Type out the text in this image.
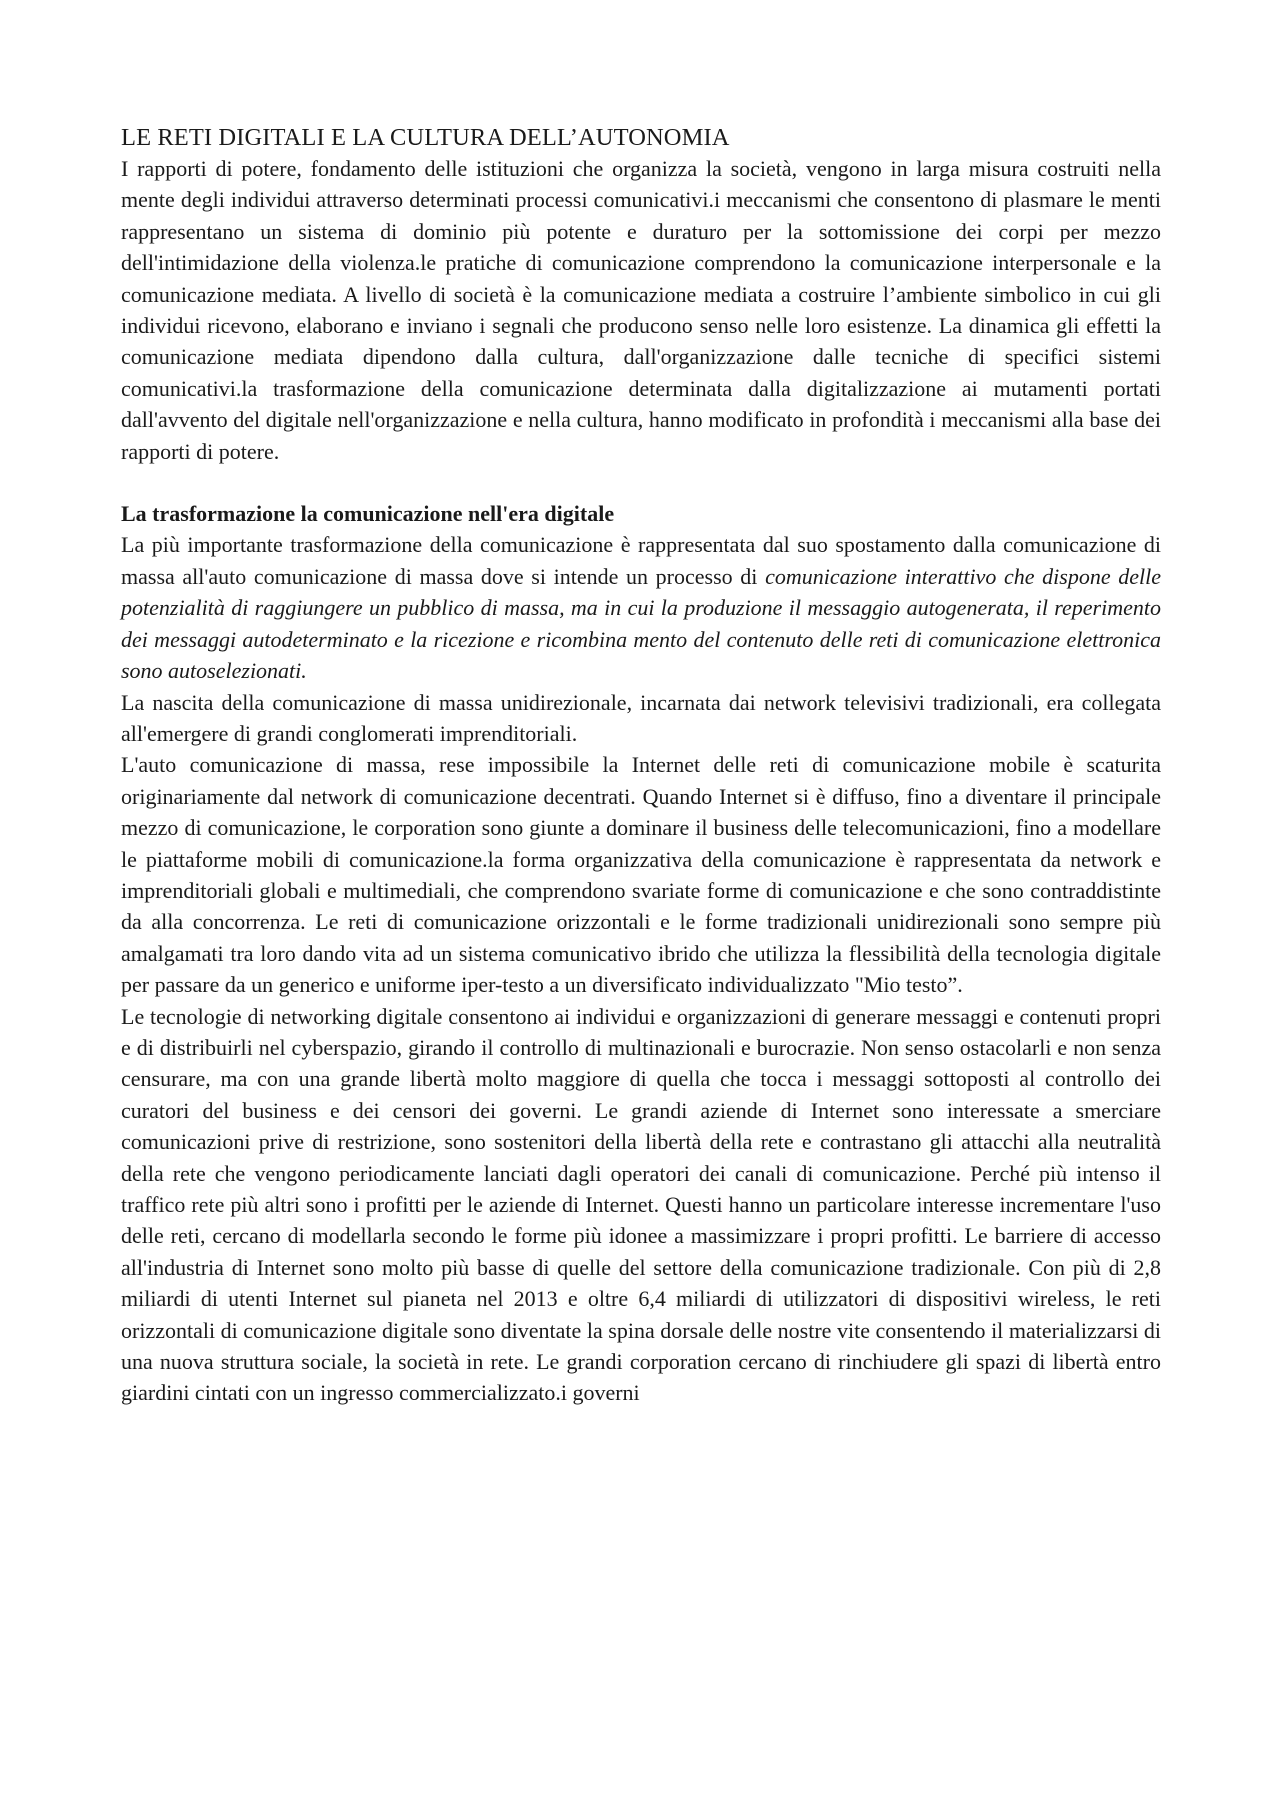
LE RETI DIGITALI E LA CULTURA DELL’AUTONOMIA

I rapporti di potere, fondamento delle istituzioni che organizza la società, vengono in larga misura costruiti nella mente degli individui attraverso determinati processi comunicativi.i meccanismi che consentono di plasmare le menti rappresentano un sistema di dominio più potente e duraturo per la sottomissione dei corpi per mezzo dell'intimidazione della violenza.le pratiche di comunicazione comprendono la comunicazione interpersonale e la comunicazione mediata. A livello di società è la comunicazione mediata a costruire l’ambiente simbolico in cui gli individui ricevono, elaborano e inviano i segnali che producono senso nelle loro esistenze. La dinamica gli effetti la comunicazione mediata dipendono dalla cultura, dall'organizzazione dalle tecniche di specifici sistemi comunicativi.la trasformazione della comunicazione determinata dalla digitalizzazione ai mutamenti portati dall'avvento del digitale nell'organizzazione e nella cultura, hanno modificato in profondità i meccanismi alla base dei rapporti di potere.

La trasformazione la comunicazione nell'era digitale

La più importante trasformazione della comunicazione è rappresentata dal suo spostamento dalla comunicazione di massa all'auto comunicazione di massa dove si intende un processo di comunicazione interattivo che dispone delle potenzialità di raggiungere un pubblico di massa, ma in cui la produzione il messaggio autogenerata, il reperimento dei messaggi autodeterminato e la ricezione e ricombina mento del contenuto delle reti di comunicazione elettronica sono autoselezionati.

La nascita della comunicazione di massa unidirezionale, incarnata dai network televisivi tradizionali, era collegata all'emergere di grandi conglomerati imprenditoriali.

L'auto comunicazione di massa, rese impossibile la Internet delle reti di comunicazione mobile è scaturita originariamente dal network di comunicazione decentrati. Quando Internet si è diffuso, fino a diventare il principale mezzo di comunicazione, le corporation sono giunte a dominare il business delle telecomunicazioni, fino a modellare le piattaforme mobili di comunicazione.la forma organizzativa della comunicazione è rappresentata da network e imprenditoriali globali e multimediali, che comprendono svariate forme di comunicazione e che sono contraddistinte da alla concorrenza. Le reti di comunicazione orizzontali e le forme tradizionali unidirezionali sono sempre più amalgamati tra loro dando vita ad un sistema comunicativo ibrido che utilizza la flessibilità della tecnologia digitale per passare da un generico e uniforme iper-testo a un diversificato individualizzato "Mio testo”.

Le tecnologie di networking digitale consentono ai individui e organizzazioni di generare messaggi e contenuti propri e di distribuirli nel cyberspazio, girando il controllo di multinazionali e burocrazie. Non senso ostacolarli e non senza censurare, ma con una grande libertà molto maggiore di quella che tocca i messaggi sottoposti al controllo dei curatori del business e dei censori dei governi. Le grandi aziende di Internet sono interessate a smerciare comunicazioni prive di restrizione, sono sostenitori della libertà della rete e contrastano gli attacchi alla neutralità della rete che vengono periodicamente lanciati dagli operatori dei canali di comunicazione. Perché più intenso il traffico rete più altri sono i profitti per le aziende di Internet. Questi hanno un particolare interesse incrementare l'uso delle reti, cercano di modellarla secondo le forme più idonee a massimizzare i propri profitti. Le barriere di accesso all'industria di Internet sono molto più basse di quelle del settore della comunicazione tradizionale. Con più di 2,8 miliardi di utenti Internet sul pianeta nel 2013 e oltre 6,4 miliardi di utilizzatori di dispositivi wireless, le reti orizzontali di comunicazione digitale sono diventate la spina dorsale delle nostre vite consentendo il materializzarsi di una nuova struttura sociale, la società in rete. Le grandi corporation cercano di rinchiudere gli spazi di libertà entro giardini cintati con un ingresso commercializzato.i governi
